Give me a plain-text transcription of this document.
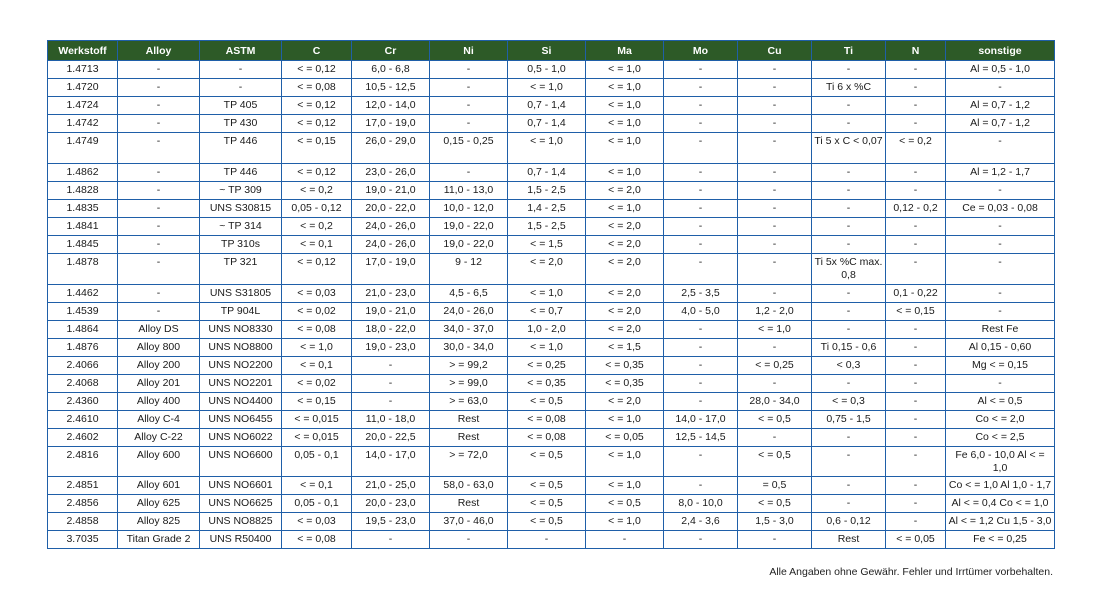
Werkstoff	Alloy	ASTM	C	Cr	Ni	Si	Ma	Mo	Cu	Ti	N	sonstige
1.4713	-	-	< = 0,12	6,0 - 6,8	-	0,5 - 1,0	< = 1,0	-	-	-	-	Al = 0,5 - 1,0
1.4720	-	-	< = 0,08	10,5 - 12,5	-	< = 1,0	< = 1,0	-	-	Ti 6 x %C	-	-
1.4724	-	TP 405	< = 0,12	12,0 - 14,0	-	0,7 - 1,4	< = 1,0	-	-	-	-	Al = 0,7 - 1,2
1.4742	-	TP 430	< = 0,12	17,0 - 19,0	-	0,7 - 1,4	< = 1,0	-	-	-	-	Al = 0,7 - 1,2
1.4749	-	TP 446	< = 0,15	26,0 - 29,0	0,15 - 0,25	< = 1,0	< = 1,0	-	-	Ti 5 x C < 0,07	< = 0,2	-
1.4862	-	TP 446	< = 0,12	23,0 - 26,0	-	0,7 - 1,4	< = 1,0	-	-	-	-	Al = 1,2 - 1,7
1.4828	-	~ TP 309	< = 0,2	19,0 - 21,0	11,0 - 13,0	1,5 - 2,5	< = 2,0	-	-	-	-	-
1.4835	-	UNS S30815	0,05 - 0,12	20,0 - 22,0	10,0 - 12,0	1,4 - 2,5	< = 1,0	-	-	-	0,12 - 0,2	Ce = 0,03 - 0,08
1.4841	-	~ TP 314	< = 0,2	24,0 - 26,0	19,0 - 22,0	1,5 - 2,5	< = 2,0	-	-	-	-	-
1.4845	-	TP 310s	< = 0,1	24,0 - 26,0	19,0 - 22,0	< = 1,5	< = 2,0	-	-	-	-	-
1.4878	-	TP 321	< = 0,12	17,0 - 19,0	9 - 12	< = 2,0	< = 2,0	-	-	Ti 5x %C max. 0,8	-	-
1.4462	-	UNS S31805	< = 0,03	21,0 - 23,0	4,5 - 6,5	< = 1,0	< = 2,0	2,5 - 3,5	-	-	0,1 - 0,22	-
1.4539	-	TP 904L	< = 0,02	19,0 - 21,0	24,0 - 26,0	< = 0,7	< = 2,0	4,0 - 5,0	1,2 - 2,0	-	< = 0,15	-
1.4864	Alloy DS	UNS NO8330	< = 0,08	18,0 - 22,0	34,0 - 37,0	1,0 - 2,0	< = 2,0	-	< = 1,0	-	-	Rest Fe
1.4876	Alloy 800	UNS NO8800	< = 1,0	19,0 - 23,0	30,0 - 34,0	< = 1,0	< = 1,5	-	-	Ti 0,15 - 0,6	-	Al 0,15 - 0,60
2.4066	Alloy 200	UNS NO2200	< = 0,1	-	> = 99,2	< = 0,25	< = 0,35	-	< = 0,25	< 0,3	-	Mg < = 0,15
2.4068	Alloy 201	UNS NO2201	< = 0,02	-	> = 99,0	< = 0,35	< = 0,35	-	-	-	-	-
2.4360	Alloy 400	UNS NO4400	< = 0,15	-	> = 63,0	< = 0,5	< = 2,0	-	28,0 - 34,0	< = 0,3	-	Al < = 0,5
2.4610	Alloy C-4	UNS NO6455	< = 0,015	11,0 - 18,0	Rest	< = 0,08	< = 1,0	14,0 - 17,0	< = 0,5	0,75 - 1,5	-	Co < = 2,0
2.4602	Alloy C-22	UNS NO6022	< = 0,015	20,0 - 22,5	Rest	< = 0,08	< = 0,05	12,5 - 14,5	-	-	-	Co < = 2,5
2.4816	Alloy 600	UNS NO6600	0,05 - 0,1	14,0 - 17,0	> = 72,0	< = 0,5	< = 1,0	-	< = 0,5	-	-	Fe 6,0 - 10,0 Al < = 1,0
2.4851	Alloy 601	UNS NO6601	< = 0,1	21,0 - 25,0	58,0 - 63,0	< = 0,5	< = 1,0	-	= 0,5	-	-	Co < = 1,0 Al 1,0 - 1,7
2.4856	Alloy 625	UNS NO6625	0,05 - 0,1	20,0 - 23,0	Rest	< = 0,5	< = 0,5	8,0 - 10,0	< = 0,5	-	-	Al < = 0,4 Co < = 1,0
2.4858	Alloy 825	UNS NO8825	< = 0,03	19,5 - 23,0	37,0 - 46,0	< = 0,5	< = 1,0	2,4 - 3,6	1,5 - 3,0	0,6 - 0,12	-	Al < = 1,2 Cu 1,5 - 3,0
3.7035	Titan Grade 2	UNS R50400	< = 0,08	-	-	-	-	-	-	Rest	< = 0,05	Fe < = 0,25
Alle Angaben ohne Gewähr. Fehler und Irrtümer vorbehalten.
